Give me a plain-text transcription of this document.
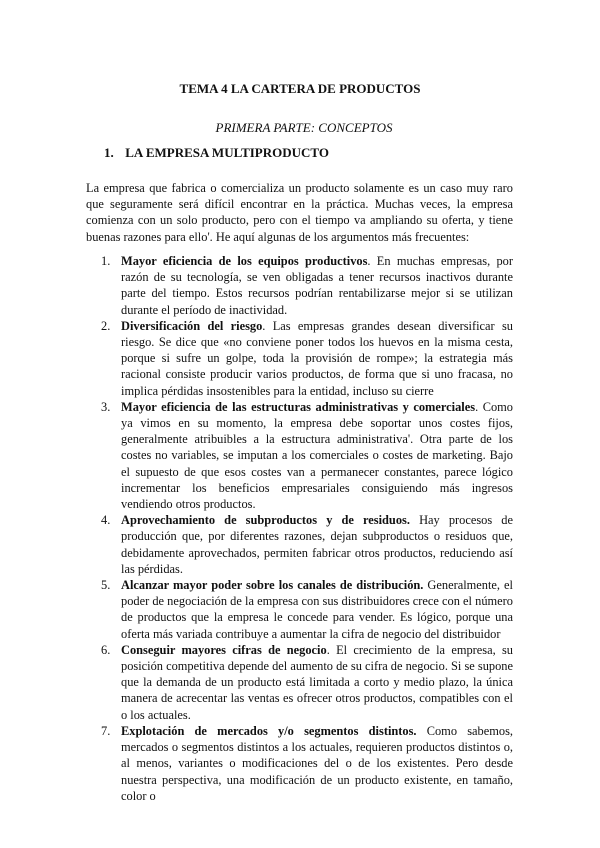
TEMA 4 LA CARTERA DE PRODUCTOS
PRIMERA PARTE: CONCEPTOS
1. LA EMPRESA MULTIPRODUCTO

La empresa que fabrica o comercializa un producto solamente es un caso muy raro que seguramente será difícil encontrar en la práctica. Muchas veces, la empresa comienza con un solo producto, pero con el tiempo va ampliando su oferta, y tiene buenas razones para ello'. He aquí algunas de los argumentos más frecuentes:

1. Mayor eficiencia de los equipos productivos. En muchas empresas, por razón de su tecnología, se ven obligadas a tener recursos inactivos durante parte del tiempo. Estos recursos podrían rentabilizarse mejor si se utilizan durante el período de inactividad.
2. Diversificación del riesgo. Las empresas grandes desean diversificar su riesgo. Se dice que «no conviene poner todos los huevos en la misma cesta, porque si sufre un golpe, toda la provisión de rompe»; la estrategia más racional consiste producir varios productos, de forma que si uno fracasa, no implica pérdidas insostenibles para la entidad, incluso su cierre
3. Mayor eficiencia de las estructuras administrativas y comerciales. Como ya vimos en su momento, la empresa debe soportar unos costes fijos, generalmente atribuibles a la estructura administrativa'. Otra parte de los costes no variables, se imputan a los comerciales o costes de marketing. Bajo el supuesto de que esos costes van a permanecer constantes, parece lógico incrementar los beneficios empresariales consiguiendo más ingresos vendiendo otros productos.
4. Aprovechamiento de subproductos y de residuos. Hay procesos de producción que, por diferentes razones, dejan subproductos o residuos que, debidamente aprovechados, permiten fabricar otros productos, reduciendo así las pérdidas.
5. Alcanzar mayor poder sobre los canales de distribución. Generalmente, el poder de negociación de la empresa con sus distribuidores crece con el número de productos que la empresa le concede para vender. Es lógico, porque una oferta más variada contribuye a aumentar la cifra de negocio del distribuidor
6. Conseguir mayores cifras de negocio. El crecimiento de la empresa, su posición competitiva depende del aumento de su cifra de negocio. Si se supone que la demanda de un producto está limitada a corto y medio plazo, la única manera de acrecentar las ventas es ofrecer otros productos, compatibles con el o los actuales.
7. Explotación de mercados y/o segmentos distintos. Como sabemos, mercados o segmentos distintos a los actuales, requieren productos distintos o, al menos, variantes o modificaciones del o de los existentes. Pero desde nuestra perspectiva, una modificación de un producto existente, en tamaño, color o
